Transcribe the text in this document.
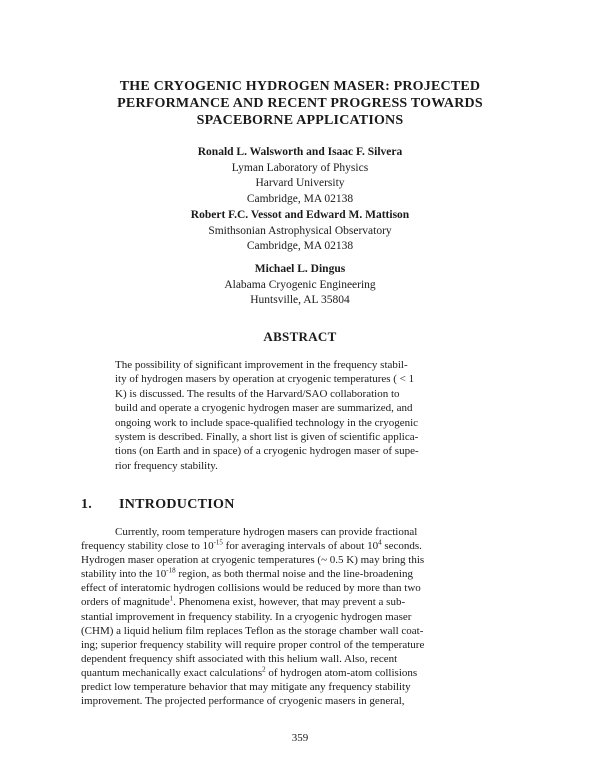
THE CRYOGENIC HYDROGEN MASER: PROJECTED
PERFORMANCE AND RECENT PROGRESS TOWARDS
SPACEBORNE APPLICATIONS
Ronald L. Walsworth and Isaac F. Silvera
Lyman Laboratory of Physics
Harvard University
Cambridge, MA 02138
Robert F.C. Vessot and Edward M. Mattison
Smithsonian Astrophysical Observatory
Cambridge, MA 02138
Michael L. Dingus
Alabama Cryogenic Engineering
Huntsville, AL 35804
ABSTRACT
The possibility of significant improvement in the frequency stabil-
ity of hydrogen masers by operation at cryogenic temperatures ( < 1
K) is discussed. The results of the Harvard/SAO collaboration to
build and operate a cryogenic hydrogen maser are summarized, and
ongoing work to include space-qualified technology in the cryogenic
system is described. Finally, a short list is given of scientific applica-
tions (on Earth and in space) of a cryogenic hydrogen maser of supe-
rior frequency stability.
1. INTRODUCTION
Currently, room temperature hydrogen masers can provide fractional
frequency stability close to $10^{-15}$ for averaging intervals of about $10^4$ seconds.
Hydrogen maser operation at cryogenic temperatures (~ 0.5 K) may bring this
stability into the $10^{-18}$ region, as both thermal noise and the line-broadening
effect of interatomic hydrogen collisions would be reduced by more than two
orders of magnitude$^1$. Phenomena exist, however, that may prevent a sub-
stantial improvement in frequency stability. In a cryogenic hydrogen maser
(CHM) a liquid helium film replaces Teflon as the storage chamber wall coat-
ing; superior frequency stability will require proper control of the temperature
dependent frequency shift associated with this helium wall. Also, recent
quantum mechanically exact calculations$^2$ of hydrogen atom-atom collisions
predict low temperature behavior that may mitigate any frequency stability
improvement. The projected performance of cryogenic masers in general,
359
